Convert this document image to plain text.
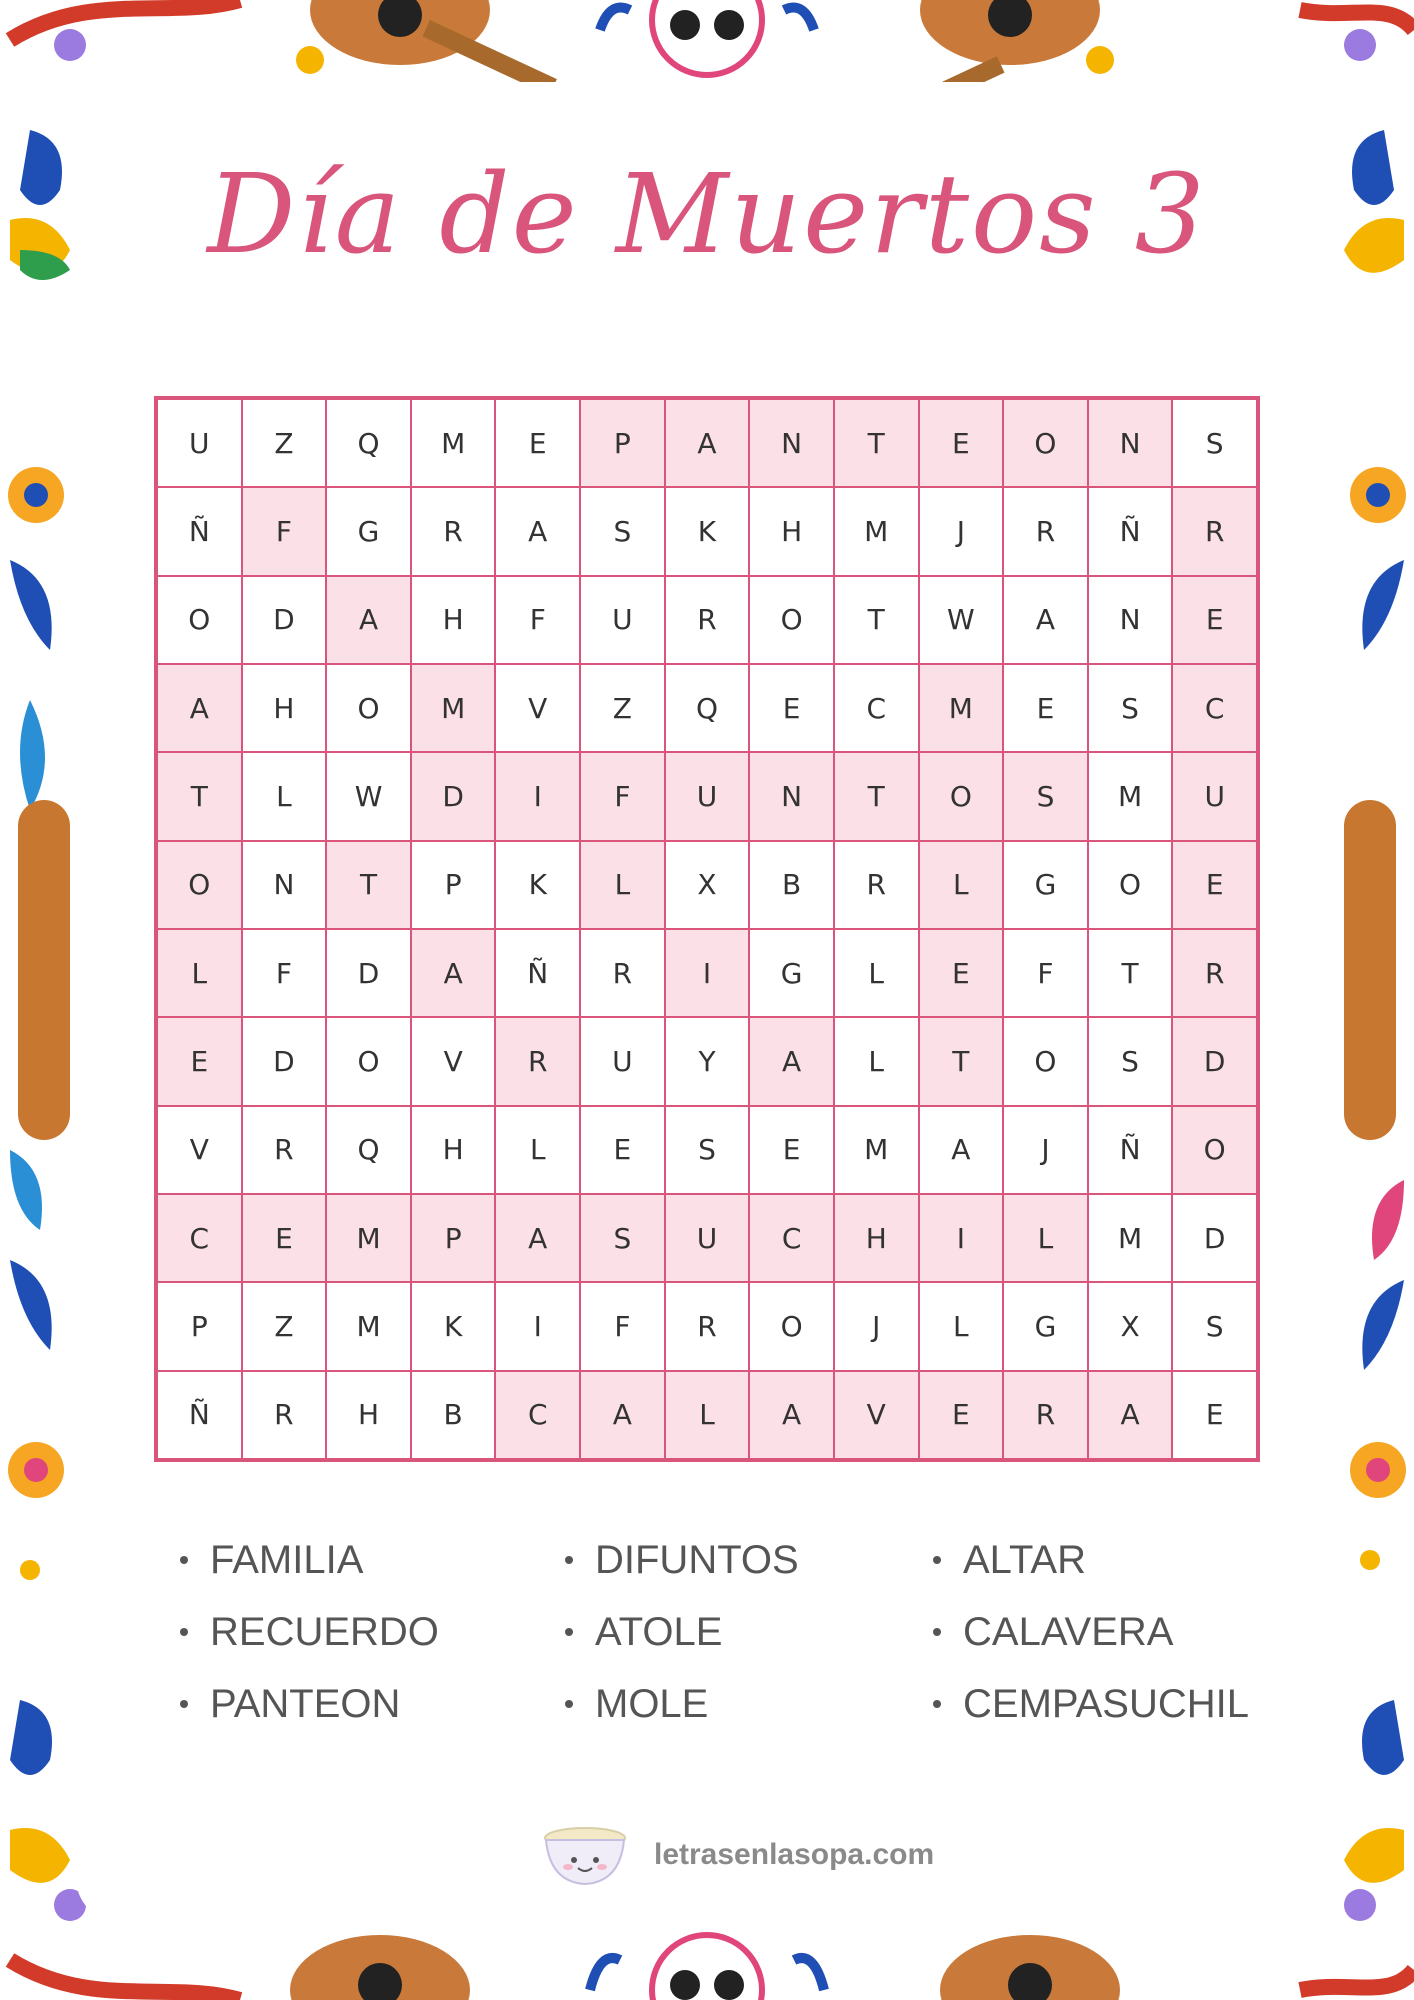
Día de Muertos 3
U	Z	Q	M	E	P	A	N	T	E	O	N	S
Ñ	F	G	R	A	S	K	H	M	J	R	Ñ	R
O	D	A	H	F	U	R	O	T	W	A	N	E
A	H	O	M	V	Z	Q	E	C	M	E	S	C
T	L	W	D	I	F	U	N	T	O	S	M	U
O	N	T	P	K	L	X	B	R	L	G	O	E
L	F	D	A	Ñ	R	I	G	L	E	F	T	R
E	D	O	V	R	U	Y	A	L	T	O	S	D
V	R	Q	H	L	E	S	E	M	A	J	Ñ	O
C	E	M	P	A	S	U	C	H	I	L	M	D
P	Z	M	K	I	F	R	O	J	L	G	X	S
Ñ	R	H	B	C	A	L	A	V	E	R	A	E
FAMILIA	DIFUNTOS	ALTAR
RECUERDO	ATOLE	CALAVERA
PANTEON	MOLE	CEMPASUCHIL
letrasenlasopa.com
